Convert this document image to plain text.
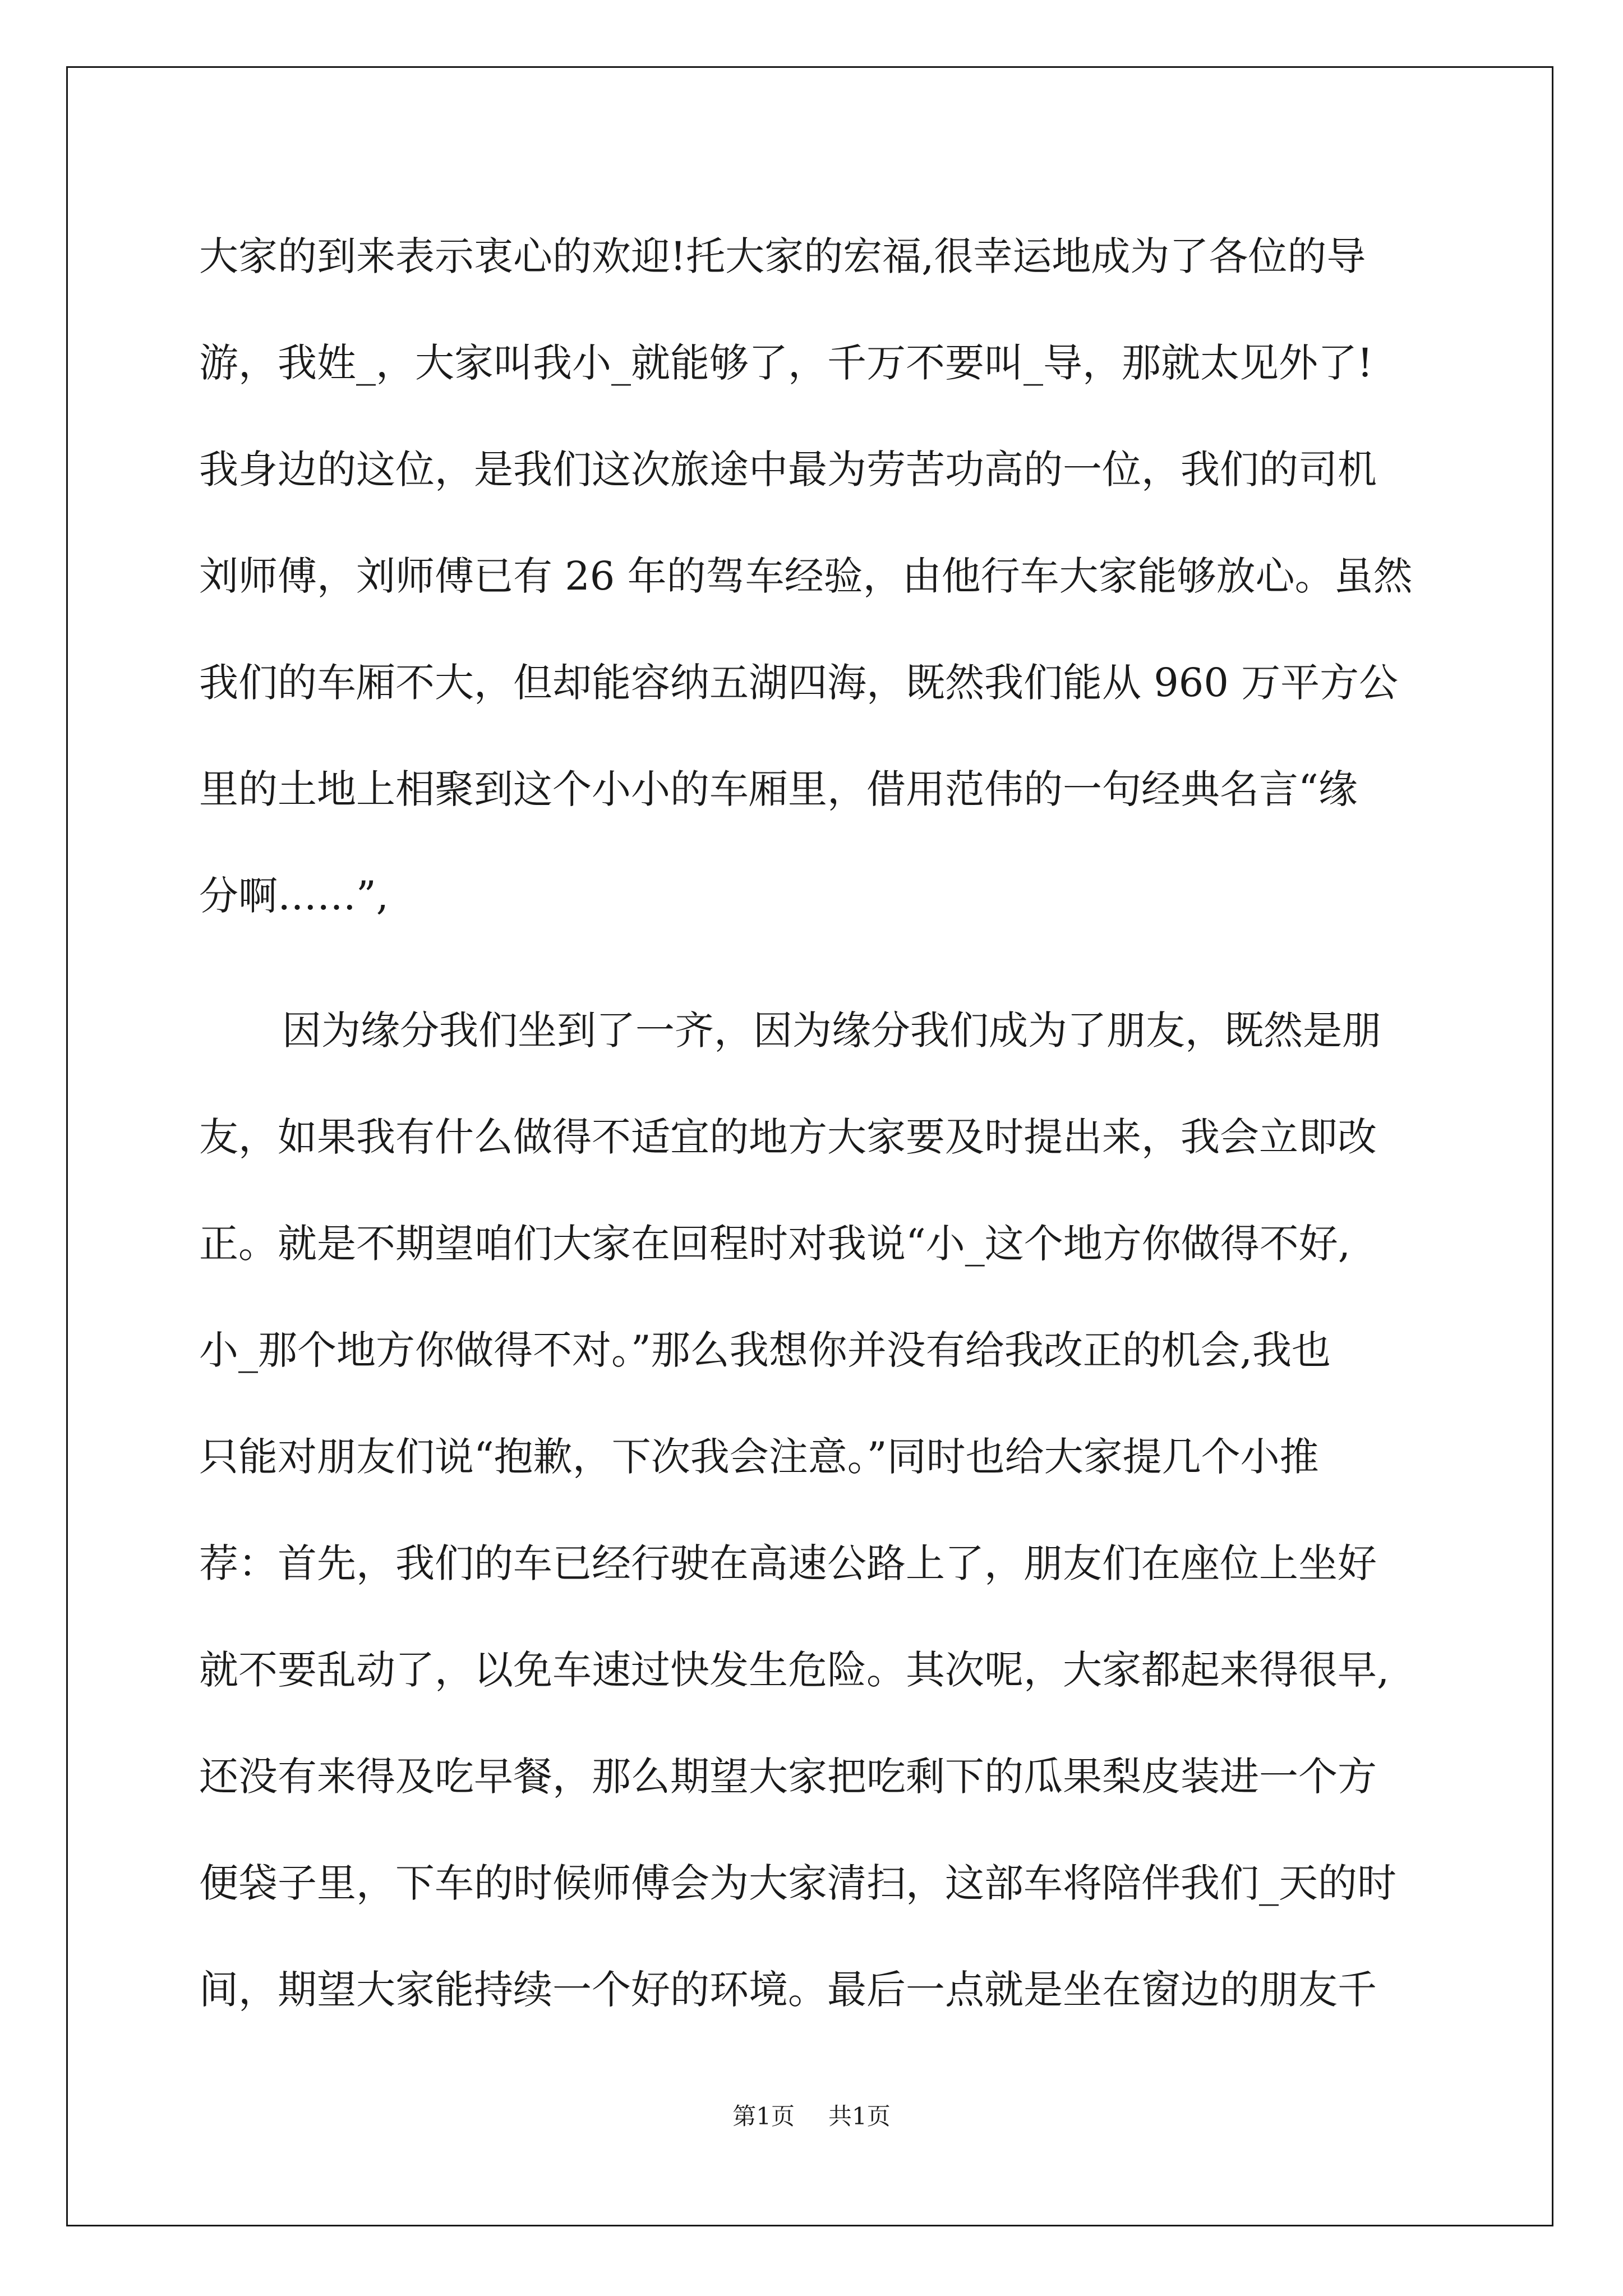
大家的到来表示衷心的欢迎!托大家的宏福,很幸运地成为了各位的导
游，我姓_，大家叫我小_就能够了，千万不要叫_导，那就太见外了!
我身边的这位，是我们这次旅途中最为劳苦功高的一位，我们的司机
刘师傅，刘师傅已有 26 年的驾车经验，由他行车大家能够放心。虽然
我们的车厢不大，但却能容纳五湖四海，既然我们能从 960 万平方公
里的土地上相聚到这个小小的车厢里，借用范伟的一句经典名言“缘
分啊……”,
因为缘分我们坐到了一齐，因为缘分我们成为了朋友，既然是朋
友，如果我有什么做得不适宜的地方大家要及时提出来，我会立即改
正。就是不期望咱们大家在回程时对我说“小_这个地方你做得不好,
小_那个地方你做得不对。”那么我想你并没有给我改正的机会,我也
只能对朋友们说“抱歉，下次我会注意。”同时也给大家提几个小推
荐：首先，我们的车已经行驶在高速公路上了，朋友们在座位上坐好
就不要乱动了，以免车速过快发生危险。其次呢，大家都起来得很早,
还没有来得及吃早餐，那么期望大家把吃剩下的瓜果梨皮装进一个方
便袋子里，下车的时候师傅会为大家清扫，这部车将陪伴我们_天的时
间，期望大家能持续一个好的环境。最后一点就是坐在窗边的朋友千
第1页 共1页
